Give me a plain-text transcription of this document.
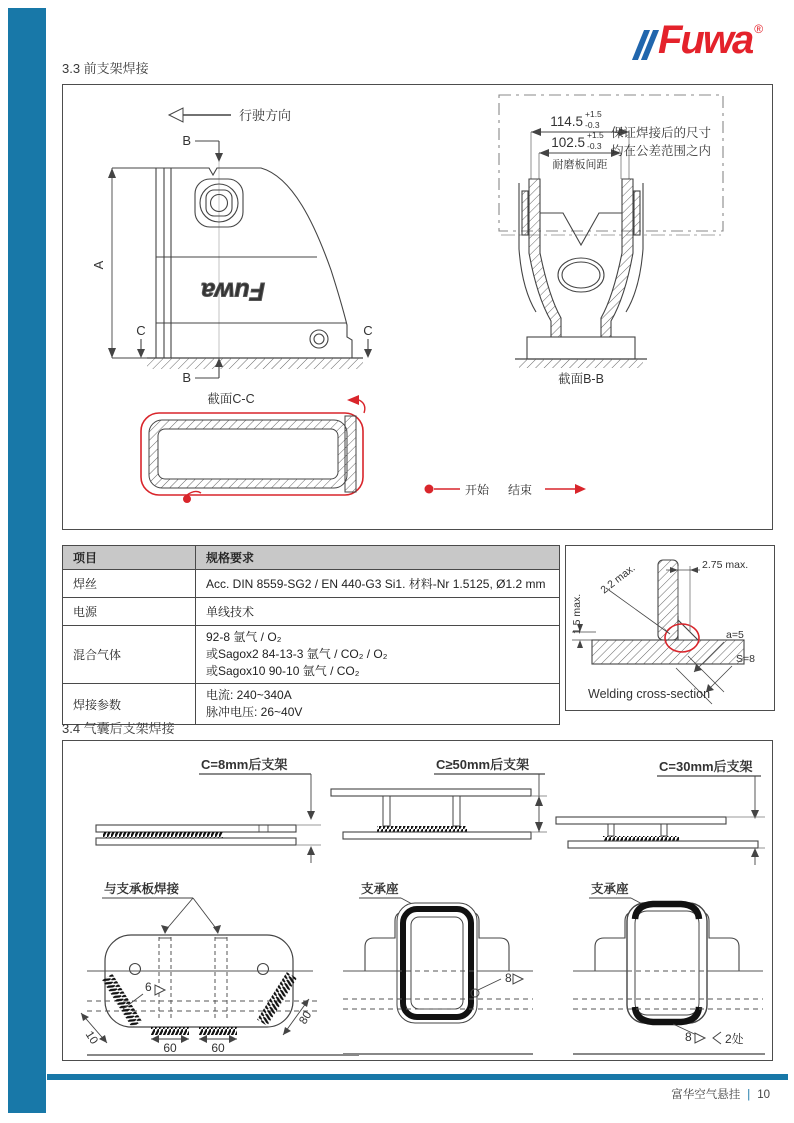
Fuwa ®
3.3 前支架焊接
行驶方向
Fuwa
B
B
C	C
A
截面C-C
开始 结束
114.5 +1.5
-0.3
102.5 +1.5
-0.3
耐磨板间距
保证焊接后的尺寸
均在公差范围之内
截面B-B
项目	规格要求
焊丝	Acc. DIN 8559-SG2 / EN 440-G3 Si1. 材料-Nr 1.5125, Ø1.2 mm
电源	单线技术
混合气体	92-8 氩气 / O₂
或Sagox2 84-13-3 氩气 / CO₂ / O₂
或Sagox10 90-10 氩气 / CO₂

焊接参数	电流: 240~340A
脉冲电压: 26~40V
2.75 max.
2.2 max.
1.5 max.
a=5
S=8
Welding cross-section
3.4 气囊后支架焊接
C=8mm后支架	C≥50mm后支架	C=30mm后支架
与支承板焊接
6
10
80
60	60
支承座
8
支承座
8	2处
富华空气悬挂 | 10
